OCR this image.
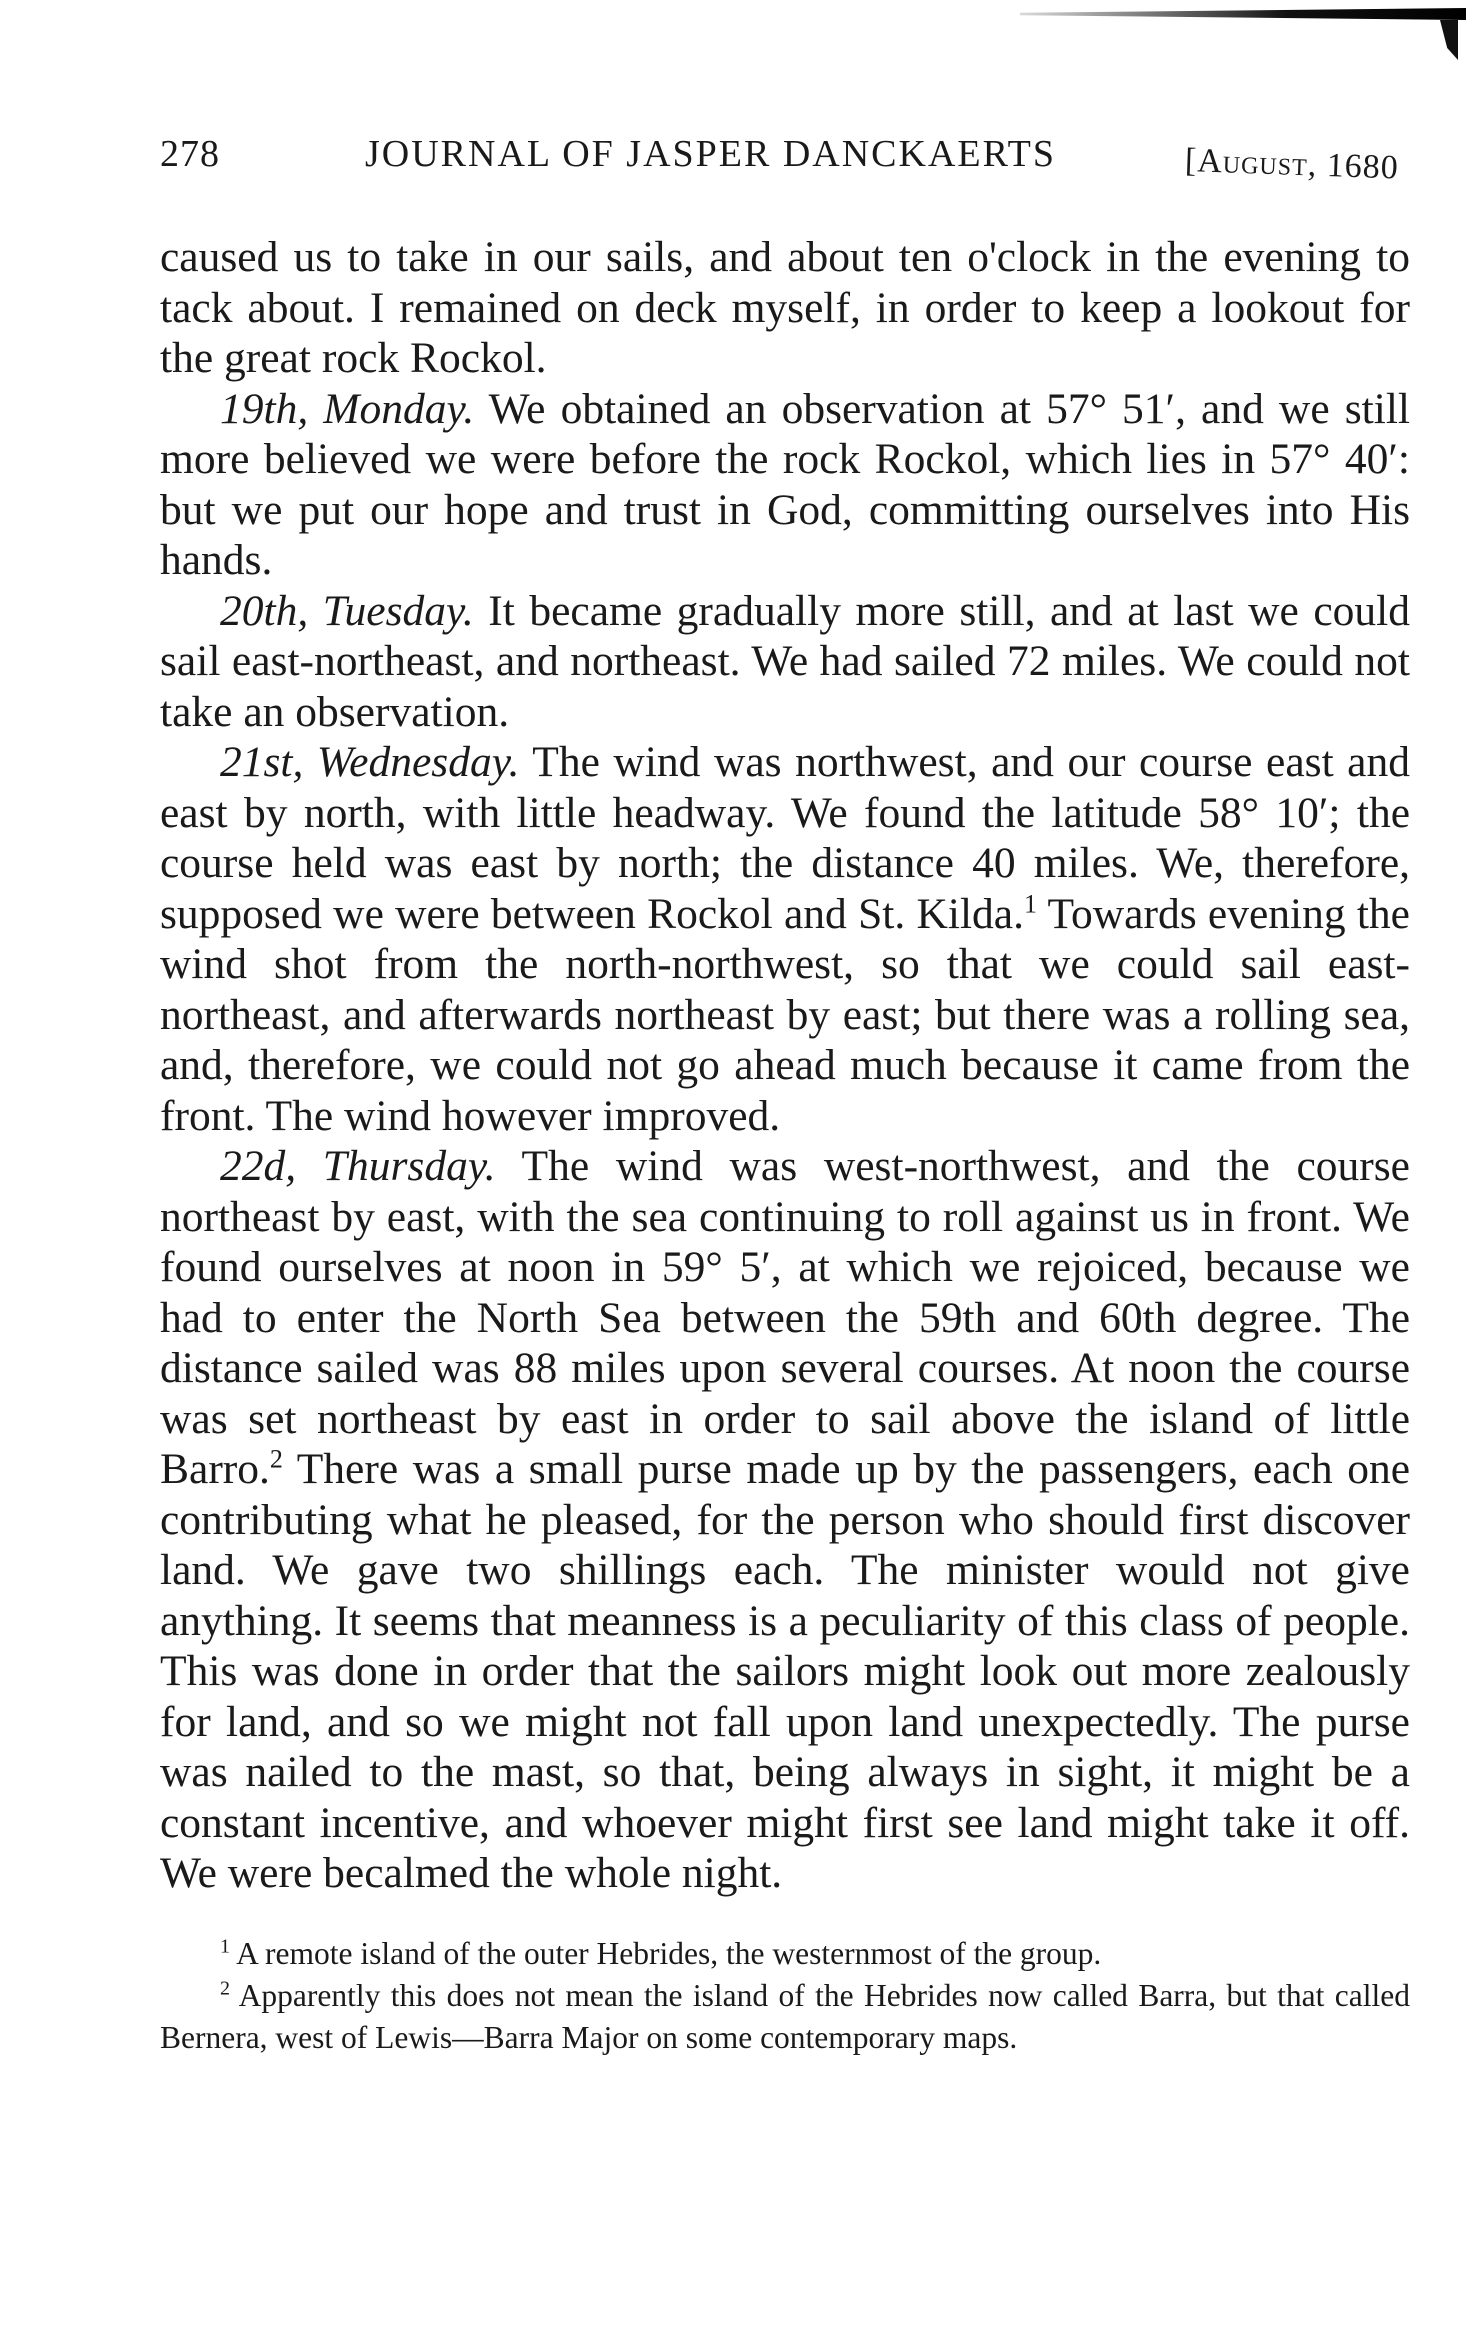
278	JOURNAL OF JASPER DANCKAERTS	[August, 1680

caused us to take in our sails, and about ten o'clock in the evening to tack about. I remained on deck myself, in order to keep a lookout for the great rock Rockol.

19th, Monday. We obtained an observation at 57° 51′, and we still more believed we were before the rock Rockol, which lies in 57° 40′: but we put our hope and trust in God, committing ourselves into His hands.

20th, Tuesday. It became gradually more still, and at last we could sail east-northeast, and northeast. We had sailed 72 miles. We could not take an observation.

21st, Wednesday. The wind was northwest, and our course east and east by north, with little headway. We found the latitude 58° 10′; the course held was east by north; the distance 40 miles. We, therefore, supposed we were between Rockol and St. Kilda.$^1$ Towards evening the wind shot from the north-northwest, so that we could sail east-northeast, and afterwards northeast by east; but there was a rolling sea, and, therefore, we could not go ahead much because it came from the front. The wind however improved.

22d, Thursday. The wind was west-northwest, and the course northeast by east, with the sea continuing to roll against us in front. We found ourselves at noon in 59° 5′, at which we rejoiced, because we had to enter the North Sea between the 59th and 60th degree. The distance sailed was 88 miles upon several courses. At noon the course was set northeast by east in order to sail above the island of little Barro.$^2$ There was a small purse made up by the passengers, each one contributing what he pleased, for the person who should first discover land. We gave two shillings each. The minister would not give anything. It seems that meanness is a peculiarity of this class of people. This was done in order that the sailors might look out more zealously for land, and so we might not fall upon land unexpectedly. The purse was nailed to the mast, so that, being always in sight, it might be a constant incentive, and whoever might first see land might take it off. We were becalmed the whole night.

$^1$ A remote island of the outer Hebrides, the westernmost of the group.

$^2$ Apparently this does not mean the island of the Hebrides now called Barra, but that called Bernera, west of Lewis—Barra Major on some contemporary maps.
